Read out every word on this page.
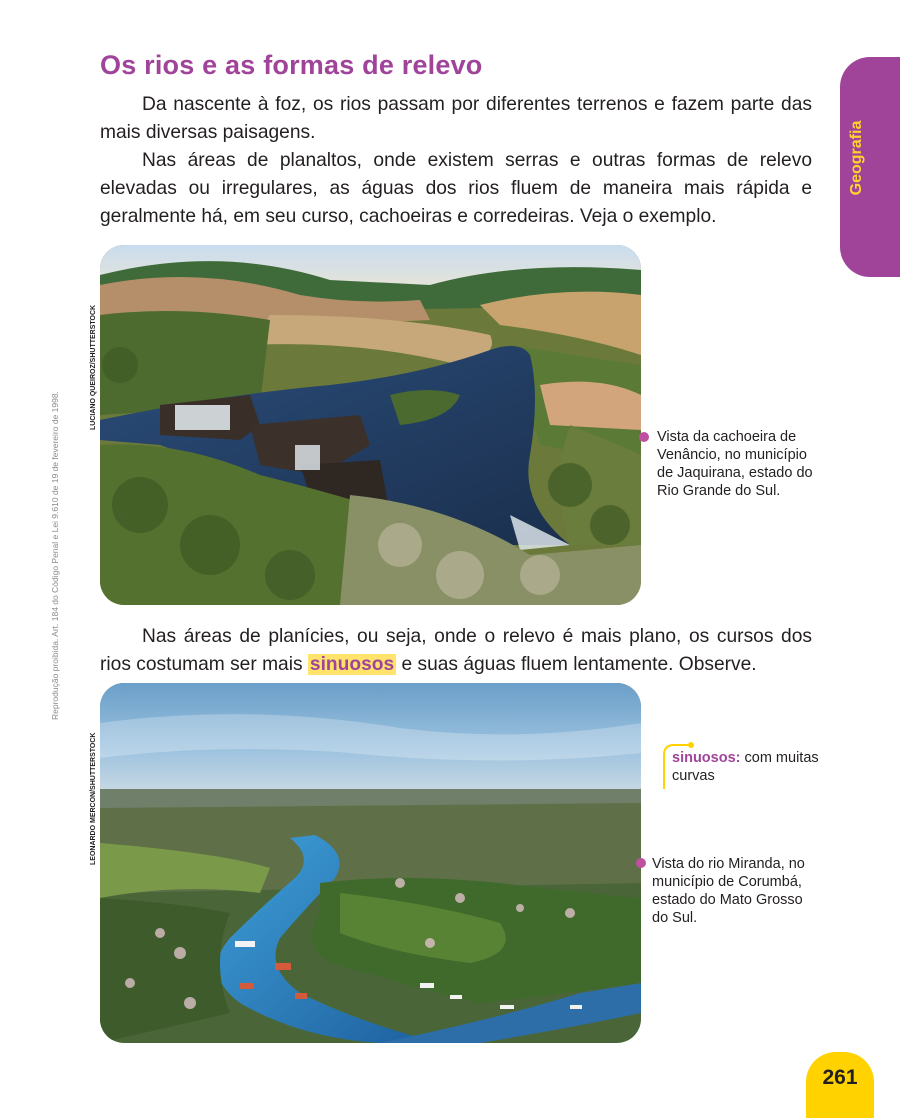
Geografia
Os rios e as formas de relevo

Da nascente à foz, os rios passam por diferentes terrenos e fazem parte das mais diversas paisagens.

Nas áreas de planaltos, onde existem serras e outras formas de relevo elevadas ou irregulares, as águas dos rios fluem de maneira mais rápida e geralmente há, em seu curso, cachoeiras e corredeiras. Veja o exemplo.

Reprodução proibida. Art. 184 do Código Penal e Lei 9.610 de 19 de fevereiro de 1998.
LUCIANO QUEIROZ/SHUTTERSTOCK
Vista da cachoeira de Venâncio, no município de Jaquirana, estado do Rio Grande do Sul.

Nas áreas de planícies, ou seja, onde o relevo é mais plano, os cursos dos rios costumam ser mais sinuosos e suas águas fluem lentamente. Observe.

LEONARDO MERCON/SHUTTERSTOCK	sinuosos: com muitas curvas
Vista do rio Miranda, no município de Corumbá, estado do Mato Grosso do Sul.
261
